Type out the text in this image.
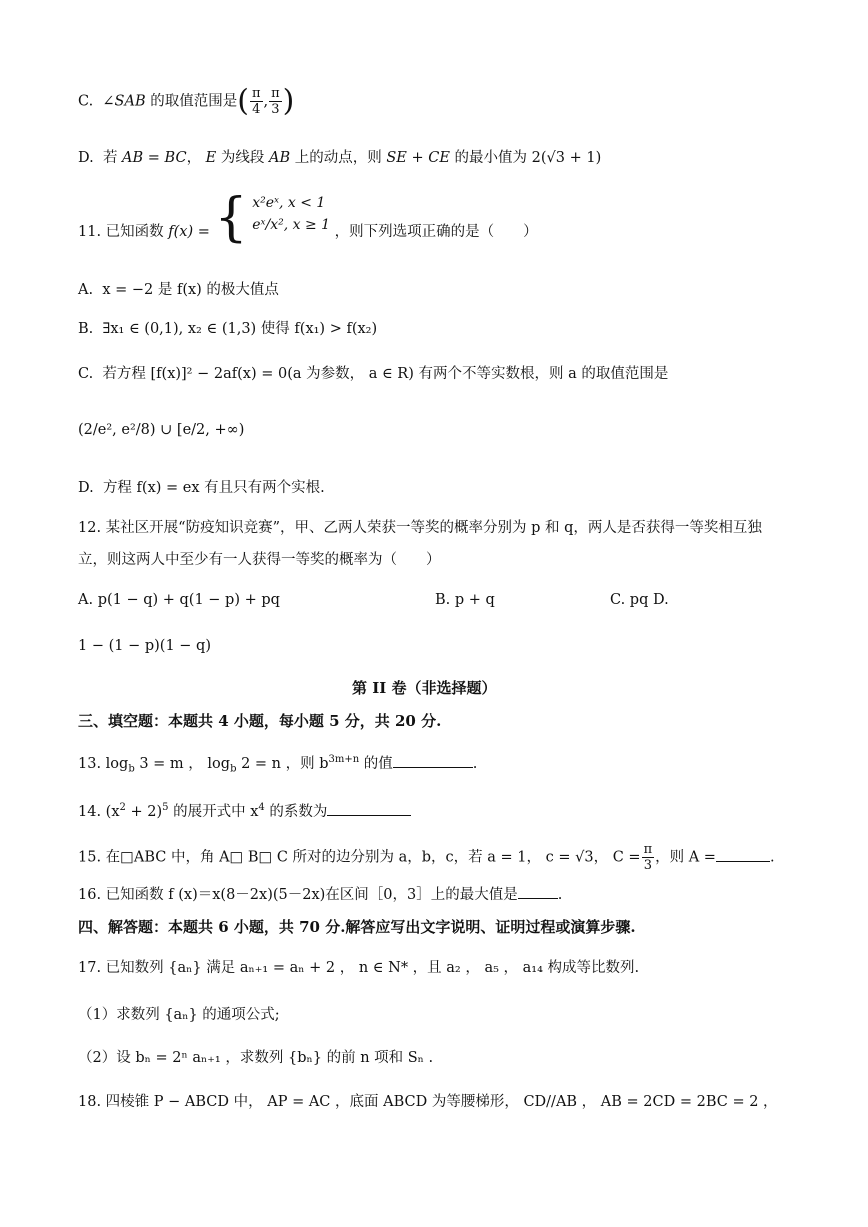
C. ∠SAB 的取值范围是( $\frac{\pi}{4}$ , $\frac{\pi}{3}$ )
D. 若 AB = BC， E 为线段 AB 上的动点，则 SE + CE 的最小值为 2(√3 + 1)
11. 已知函数 f(x) = { x²eˣ, x < 1
eˣ/x², x ≥ 1 ，则下列选项正确的是（　　）
A. x = −2 是 f(x) 的极大值点
B. ∃x₁ ∈ (0,1), x₂ ∈ (1,3) 使得 f(x₁) > f(x₂)
C. 若方程 [f(x)]² − 2af(x) = 0(a 为参数， a ∈ R) 有两个不等实数根，则 a 的取值范围是
(2/e², e²/8) ∪ [e/2, +∞)
D. 方程 f(x) = ex 有且只有两个实根.
12. 某社区开展“防疫知识竞赛”，甲、乙两人荣获一等奖的概率分别为 p 和 q，两人是否获得一等奖相互独
立，则这两人中至少有一人获得一等奖的概率为（　　）
A. p(1 − q) + q(1 − p) + pq	B. p + q	C. pq D.
1 − (1 − p)(1 − q)
第 II 卷（非选择题）
三、填空题：本题共 4 小题，每小题 5 分，共 20 分.
13. $\log_b 3 = m$ ， $\log_b 2 = n$ ，则 $b^{3m+n}$ 的值	.
14. $(x^2 + 2)^5$ 的展开式中 $x^4$ 的系数为
15. 在□ABC 中，角 A□ B□ C 所对的边分别为 a，b，c，若 a = 1， c = √3， $C = \frac{\pi}{3}$ ，则 A =	.
16. 已知函数 f (x)＝x(8－2x)(5－2x)在区间［0，3］上的最大值是	.
四、解答题：本题共 6 小题，共 70 分.解答应写出文字说明、证明过程或演算步骤.
17. 已知数列 {aₙ} 满足 aₙ₊₁ = aₙ + 2 ， n ∈ N* ，且 a₂ ， a₅ ， a₁₄ 构成等比数列.
（1）求数列 {aₙ} 的通项公式;
（2）设 bₙ = 2ⁿ aₙ₊₁ ，求数列 {bₙ} 的前 n 项和 Sₙ .
18. 四棱锥 P − ABCD 中， AP = AC ，底面 ABCD 为等腰梯形， CD//AB ， AB = 2CD = 2BC = 2 ，
